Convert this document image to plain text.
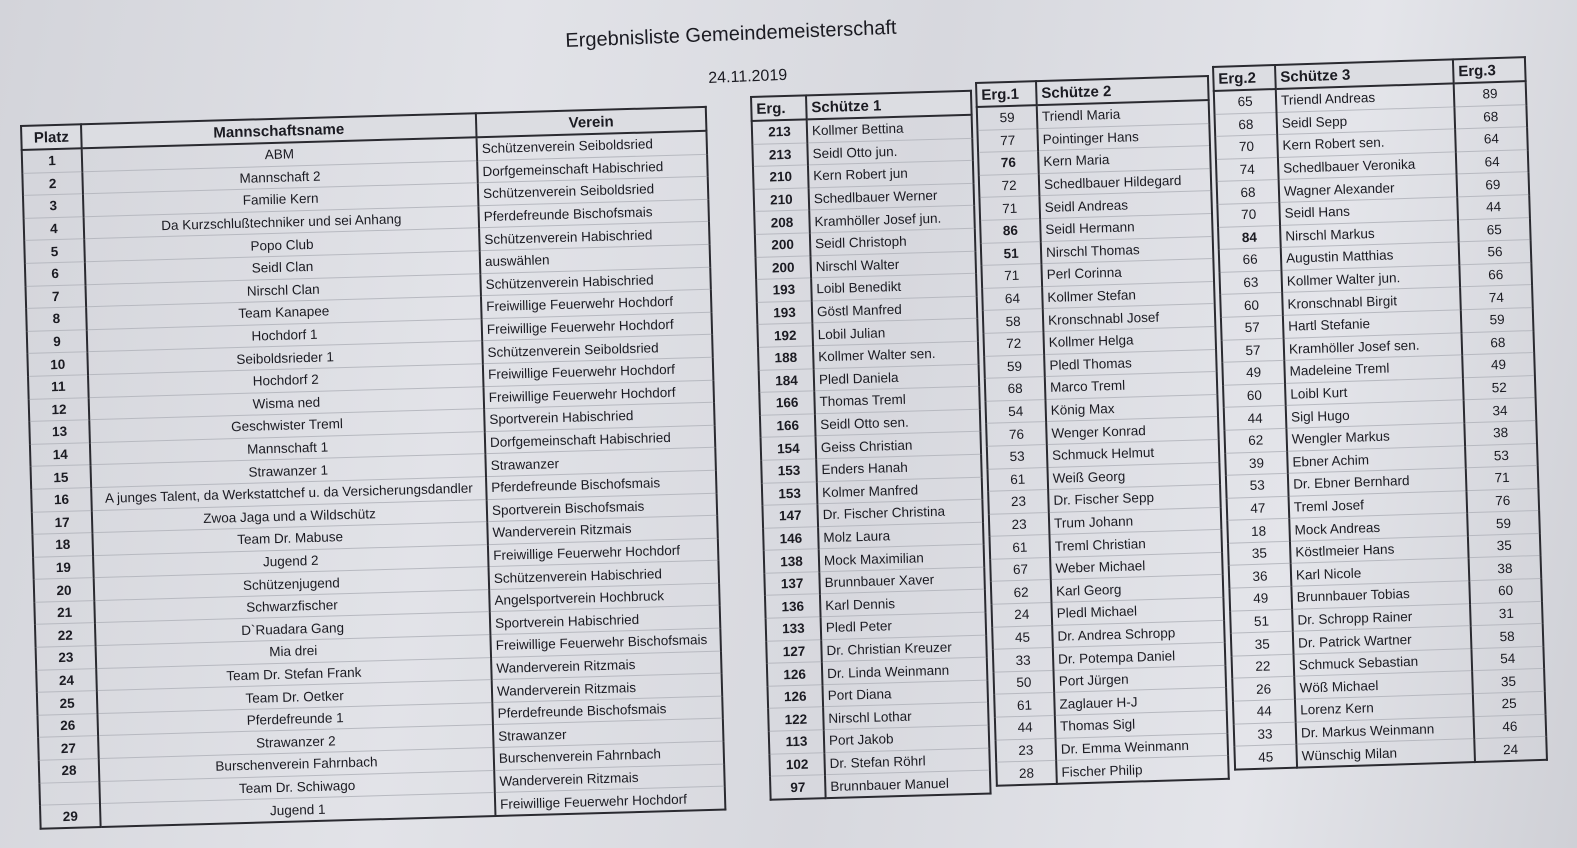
Ergebnisliste Gemeindemeisterschaft
24.11.2019
Platz	Mannschaftsname	Verein
1	ABM	Schützenverein Seiboldsried
2	Mannschaft 2	Dorfgemeinschaft Habischried
3	Familie Kern	Schützenverein Seiboldsried
4	Da Kurzschlußtechniker und sei Anhang	Pferdefreunde Bischofsmais
5	Popo Club	Schützenverein Habischried
6	Seidl Clan	auswählen
7	Nirschl Clan	Schützenverein Habischried
8	Team Kanapee	Freiwillige Feuerwehr Hochdorf
9	Hochdorf 1	Freiwillige Feuerwehr Hochdorf
10	Seiboldsrieder 1	Schützenverein Seiboldsried
11	Hochdorf 2	Freiwillige Feuerwehr Hochdorf
12	Wisma ned	Freiwillige Feuerwehr Hochdorf
13	Geschwister Treml	Sportverein Habischried
14	Mannschaft 1	Dorfgemeinschaft Habischried
15	Strawanzer 1	Strawanzer
16	A junges Talent, da Werkstattchef u. da Versicherungsdandler	Pferdefreunde Bischofsmais
17	Zwoa Jaga und a Wildschütz	Sportverein Bischofsmais
18	Team Dr. Mabuse	Wanderverein Ritzmais
19	Jugend 2	Freiwillige Feuerwehr Hochdorf
20	Schützenjugend	Schützenverein Habischried
21	Schwarzfischer	Angelsportverein Hochbruck
22	D`Ruadara Gang	Sportverein Habischried
23	Mia drei	Freiwillige Feuerwehr Bischofsmais
24	Team Dr. Stefan Frank	Wanderverein Ritzmais
25	Team Dr. Oetker	Wanderverein Ritzmais
26	Pferdefreunde 1	Pferdefreunde Bischofsmais
27	Strawanzer 2	Strawanzer
28	Burschenverein Fahrnbach	Burschenverein Fahrnbach
	Team Dr. Schiwago	Wanderverein Ritzmais
29	Jugend 1	Freiwillige Feuerwehr Hochdorf
Erg.	Schütze 1
213	Kollmer Bettina
213	Seidl Otto jun.
210	Kern Robert jun
210	Schedlbauer Werner
208	Kramhöller Josef jun.
200	Seidl Christoph
200	Nirschl Walter
193	Loibl Benedikt
193	Göstl Manfred
192	Lobil Julian
188	Kollmer Walter sen.
184	Pledl Daniela
166	Thomas Treml
166	Seidl Otto sen.
154	Geiss Christian
153	Enders Hanah
153	Kolmer Manfred
147	Dr. Fischer Christina
146	Molz Laura
138	Mock Maximilian
137	Brunnbauer Xaver
136	Karl Dennis
133	Pledl Peter
127	Dr. Christian Kreuzer
126	Dr. Linda Weinmann
126	Port Diana
122	Nirschl Lothar
113	Port Jakob
102	Dr. Stefan Röhrl
97	Brunnbauer Manuel
Erg.1	Schütze 2
59	Triendl Maria
77	Pointinger Hans
76	Kern Maria
72	Schedlbauer Hildegard
71	Seidl Andreas
86	Seidl Hermann
51	Nirschl Thomas
71	Perl Corinna
64	Kollmer Stefan
58	Kronschnabl Josef
72	Kollmer Helga
59	Pledl Thomas
68	Marco Treml
54	König Max
76	Wenger Konrad
53	Schmuck Helmut
61	Weiß Georg
23	Dr. Fischer Sepp
23	Trum Johann
61	Treml Christian
67	Weber Michael
62	Karl Georg
24	Pledl Michael
45	Dr. Andrea Schropp
33	Dr. Potempa Daniel
50	Port Jürgen
61	Zaglauer H-J
44	Thomas Sigl
23	Dr. Emma Weinmann
28	Fischer Philip
Erg.2	Schütze 3	Erg.3
65	Triendl Andreas	89
68	Seidl Sepp	68
70	Kern Robert sen.	64
74	Schedlbauer Veronika	64
68	Wagner Alexander	69
70	Seidl Hans	44
84	Nirschl Markus	65
66	Augustin Matthias	56
63	Kollmer Walter jun.	66
60	Kronschnabl Birgit	74
57	Hartl Stefanie	59
57	Kramhöller Josef sen.	68
49	Madeleine Treml	49
60	Loibl Kurt	52
44	Sigl Hugo	34
62	Wengler Markus	38
39	Ebner Achim	53
53	Dr. Ebner Bernhard	71
47	Treml Josef	76
18	Mock Andreas	59
35	Köstlmeier Hans	35
36	Karl Nicole	38
49	Brunnbauer Tobias	60
51	Dr. Schropp Rainer	31
35	Dr. Patrick Wartner	58
22	Schmuck Sebastian	54
26	Wöß Michael	35
44	Lorenz Kern	25
33	Dr. Markus Weinmann	46
45	Wünschig Milan	24
